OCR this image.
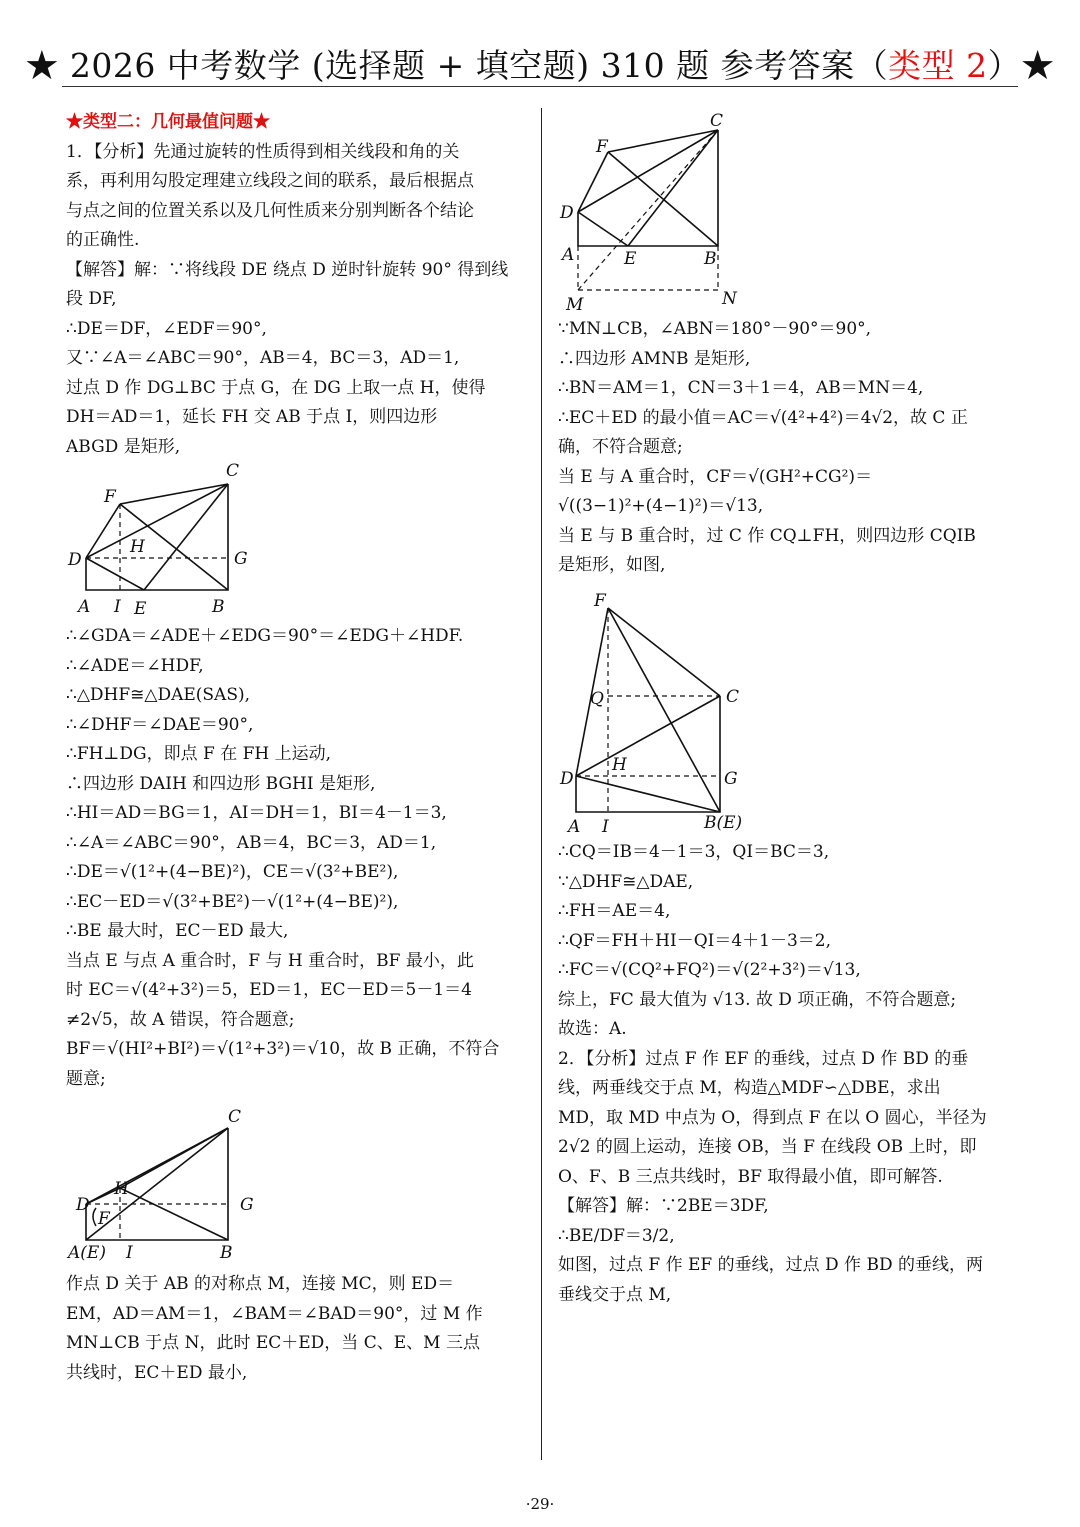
★ 2026 中考数学 (选择题 + 填空题) 310 题 参考答案（类型 2）★
★类型二：几何最值问题★
1．【分析】先通过旋转的性质得到相关线段和角的关
系，再利用勾股定理建立线段之间的联系，最后根据点
与点之间的位置关系以及几何性质来分别判断各个结论
的正确性.
【解答】解：∵将线段 DE 绕点 D 逆时针旋转 90° 得到线
段 DF,
∴DE＝DF，∠EDF＝90°,
又∵∠A＝∠ABC＝90°，AB＝4，BC＝3，AD＝1,
过点 D 作 DG⊥BC 于点 G，在 DG 上取一点 H，使得
DH＝AD＝1，延长 FH 交 AB 于点 I，则四边形
ABGD 是矩形,
C
F
H
D	G
A I E	B
∴∠GDA＝∠ADE＋∠EDG＝90°＝∠EDG＋∠HDF.
∴∠ADE＝∠HDF,
∴△DHF≅△DAE(SAS),
∴∠DHF＝∠DAE＝90°,
∴FH⊥DG，即点 F 在 FH 上运动,
∴四边形 DAIH 和四边形 BGHI 是矩形,
∴HI＝AD＝BG＝1，AI＝DH＝1，BI＝4－1＝3,
∴∠A＝∠ABC＝90°，AB＝4，BC＝3，AD＝1,
∴DE＝√(1²+(4−BE)²)，CE＝√(3²+BE²),
∴EC－ED＝√(3²+BE²)－√(1²+(4−BE)²),
∴BE 最大时，EC－ED 最大,
当点 E 与点 A 重合时，F 与 H 重合时，BF 最小，此
时 EC＝√(4²+3²)＝5，ED＝1，EC－ED＝5－1＝4
≠2√5，故 A 错误，符合题意;
BF＝√(HI²+BI²)＝√(1²+3²)＝√10，故 B 正确，不符合
题意;
C
H
D
F
G
A(E) I	B
作点 D 关于 AB 的对称点 M，连接 MC，则 ED＝
EM，AD＝AM＝1，∠BAM＝∠BAD＝90°，过 M 作
MN⊥CB 于点 N，此时 EC＋ED，当 C、E、M 三点
共线时，EC＋ED 最小,
C
F
D
A	E	B
M	N
∵MN⊥CB，∠ABN＝180°－90°＝90°,
∴四边形 AMNB 是矩形,
∴BN＝AM＝1，CN＝3＋1＝4，AB＝MN＝4,
∴EC＋ED 的最小值＝AC＝√(4²+4²)＝4√2，故 C 正
确，不符合题意;
当 E 与 A 重合时，CF＝√(GH²+CG²)＝
√((3−1)²+(4−1)²)＝√13,
当 E 与 B 重合时，过 C 作 CQ⊥FH，则四边形 CQIB
是矩形，如图,
F
Q	C
H
D	G
A I	B(E)
∴CQ＝IB＝4－1＝3，QI＝BC＝3,
∵△DHF≅△DAE,
∴FH＝AE＝4,
∴QF＝FH＋HI－QI＝4＋1－3＝2,
∴FC＝√(CQ²+FQ²)＝√(2²+3²)＝√13,
综上，FC 最大值为 √13. 故 D 项正确，不符合题意;
故选：A.
2．【分析】过点 F 作 EF 的垂线，过点 D 作 BD 的垂
线，两垂线交于点 M，构造△MDF∽△DBE，求出
MD，取 MD 中点为 O，得到点 F 在以 O 圆心，半径为
2√2 的圆上运动，连接 OB，当 F 在线段 OB 上时，即
O、F、B 三点共线时，BF 取得最小值，即可解答.
【解答】解：∵2BE＝3DF,
∴BE/DF＝3/2,
如图，过点 F 作 EF 的垂线，过点 D 作 BD 的垂线，两
垂线交于点 M,
·29·
